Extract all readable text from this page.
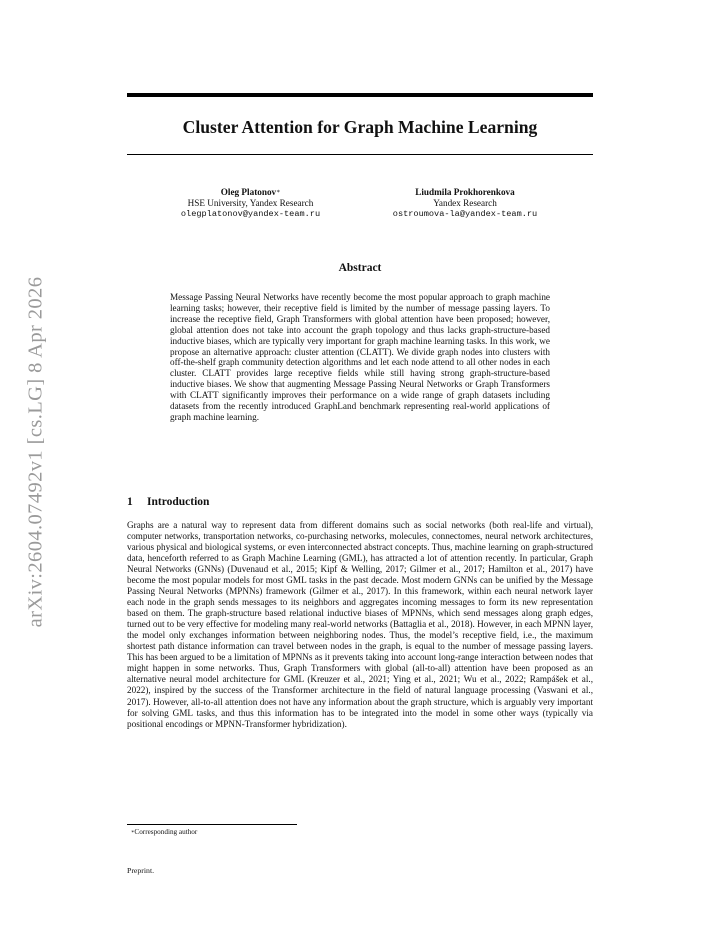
arXiv:2604.07492v1 [cs.LG] 8 Apr 2026
Cluster Attention for Graph Machine Learning
Oleg Platonov∗
HSE University, Yandex Research
olegplatonov@yandex-team.ru
Liudmila Prokhorenkova
Yandex Research
ostroumova-la@yandex-team.ru
Abstract
Message Passing Neural Networks have recently become the most popular approach to graph machine learning tasks; however, their receptive field is limited by the number of message passing layers. To increase the receptive field, Graph Transformers with global attention have been proposed; however, global attention does not take into account the graph topology and thus lacks graph-structure-based inductive biases, which are typically very important for graph machine learning tasks. In this work, we propose an alternative approach: cluster attention (CLATT). We divide graph nodes into clusters with off-the-shelf graph community detection algorithms and let each node attend to all other nodes in each cluster. CLATT provides large receptive fields while still having strong graph-structure-based inductive biases. We show that augmenting Message Passing Neural Networks or Graph Transformers with CLATT significantly improves their performance on a wide range of graph datasets including datasets from the recently introduced GraphLand benchmark representing real-world applications of graph machine learning.
1 Introduction
Graphs are a natural way to represent data from different domains such as social networks (both real-life and virtual), computer networks, transportation networks, co-purchasing networks, molecules, connectomes, neural network architectures, various physical and biological systems, or even interconnected abstract concepts. Thus, machine learning on graph-structured data, henceforth referred to as Graph Machine Learning (GML), has attracted a lot of attention recently. In particular, Graph Neural Networks (GNNs) (Duvenaud et al., 2015; Kipf & Welling, 2017; Gilmer et al., 2017; Hamilton et al., 2017) have become the most popular models for most GML tasks in the past decade. Most modern GNNs can be unified by the Message Passing Neural Networks (MPNNs) framework (Gilmer et al., 2017). In this framework, within each neural network layer each node in the graph sends messages to its neighbors and aggregates incoming messages to form its new representation based on them. The graph-structure based relational inductive biases of MPNNs, which send messages along graph edges, turned out to be very effective for modeling many real-world networks (Battaglia et al., 2018). However, in each MPNN layer, the model only exchanges information between neighboring nodes. Thus, the model’s receptive field, i.e., the maximum shortest path distance information can travel between nodes in the graph, is equal to the number of message passing layers. This has been argued to be a limitation of MPNNs as it prevents taking into account long-range interaction between nodes that might happen in some networks. Thus, Graph Transformers with global (all-to-all) attention have been proposed as an alternative neural model architecture for GML (Kreuzer et al., 2021; Ying et al., 2021; Wu et al., 2022; Rampášek et al., 2022), inspired by the success of the Transformer architecture in the field of natural language processing (Vaswani et al., 2017). However, all-to-all attention does not have any information about the graph structure, which is arguably very important for solving GML tasks, and thus this information has to be integrated into the model in some other ways (typically via positional encodings or MPNN-Transformer hybridization).
∗Corresponding author
Preprint.
